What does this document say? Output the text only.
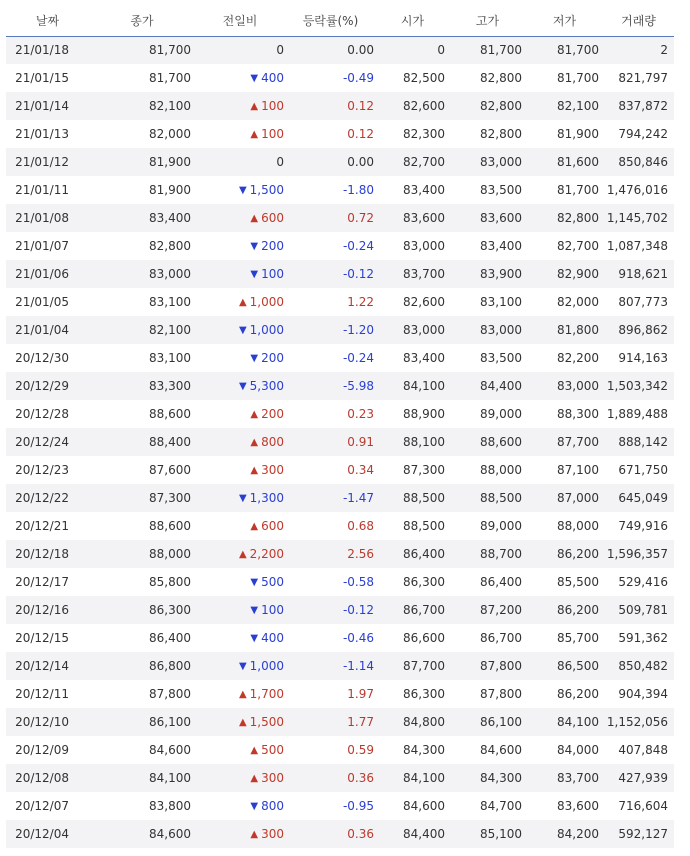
날짜	종가	전일비	등락률(%)	시가	고가	저가	거래량
21/01/18	81,700	0	0.00	0	81,700	81,700	2
21/01/15	81,700	▼ 400	-0.49	82,500	82,800	81,700	821,797
21/01/14	82,100	▲ 100	0.12	82,600	82,800	82,100	837,872
21/01/13	82,000	▲ 100	0.12	82,300	82,800	81,900	794,242
21/01/12	81,900	0	0.00	82,700	83,000	81,600	850,846
21/01/11	81,900	▼ 1,500	-1.80	83,400	83,500	81,700	1,476,016
21/01/08	83,400	▲ 600	0.72	83,600	83,600	82,800	1,145,702
21/01/07	82,800	▼ 200	-0.24	83,000	83,400	82,700	1,087,348
21/01/06	83,000	▼ 100	-0.12	83,700	83,900	82,900	918,621
21/01/05	83,100	▲ 1,000	1.22	82,600	83,100	82,000	807,773
21/01/04	82,100	▼ 1,000	-1.20	83,000	83,000	81,800	896,862
20/12/30	83,100	▼ 200	-0.24	83,400	83,500	82,200	914,163
20/12/29	83,300	▼ 5,300	-5.98	84,100	84,400	83,000	1,503,342
20/12/28	88,600	▲ 200	0.23	88,900	89,000	88,300	1,889,488
20/12/24	88,400	▲ 800	0.91	88,100	88,600	87,700	888,142
20/12/23	87,600	▲ 300	0.34	87,300	88,000	87,100	671,750
20/12/22	87,300	▼ 1,300	-1.47	88,500	88,500	87,000	645,049
20/12/21	88,600	▲ 600	0.68	88,500	89,000	88,000	749,916
20/12/18	88,000	▲ 2,200	2.56	86,400	88,700	86,200	1,596,357
20/12/17	85,800	▼ 500	-0.58	86,300	86,400	85,500	529,416
20/12/16	86,300	▼ 100	-0.12	86,700	87,200	86,200	509,781
20/12/15	86,400	▼ 400	-0.46	86,600	86,700	85,700	591,362
20/12/14	86,800	▼ 1,000	-1.14	87,700	87,800	86,500	850,482
20/12/11	87,800	▲ 1,700	1.97	86,300	87,800	86,200	904,394
20/12/10	86,100	▲ 1,500	1.77	84,800	86,100	84,100	1,152,056
20/12/09	84,600	▲ 500	0.59	84,300	84,600	84,000	407,848
20/12/08	84,100	▲ 300	0.36	84,100	84,300	83,700	427,939
20/12/07	83,800	▼ 800	-0.95	84,600	84,700	83,600	716,604
20/12/04	84,600	▲ 300	0.36	84,400	85,100	84,200	592,127
